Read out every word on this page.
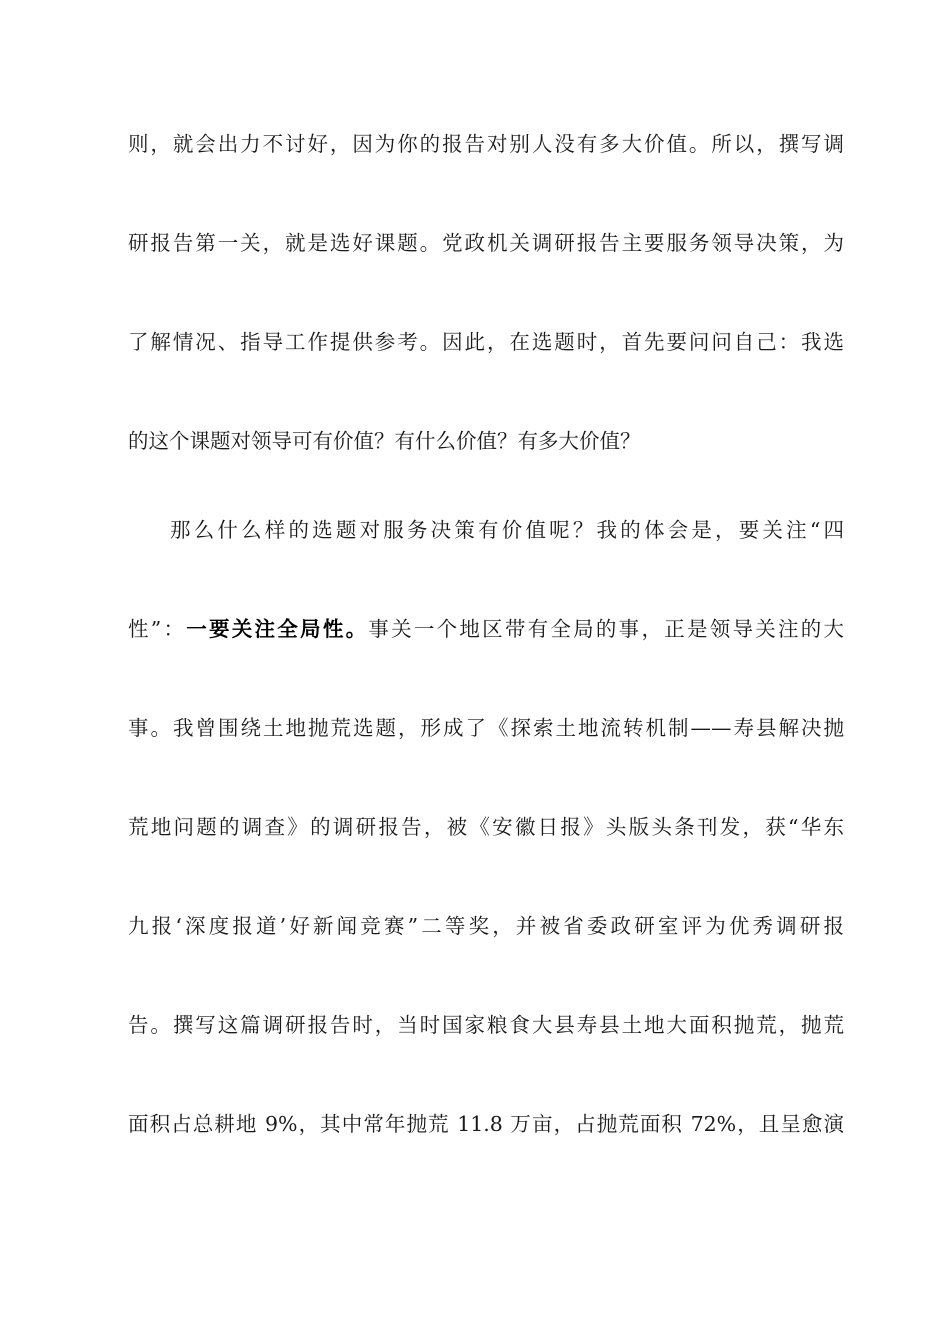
则，就会出力不讨好，因为你的报告对别人没有多大价值。所以，撰写调
研报告第一关，就是选好课题。党政机关调研报告主要服务领导决策，为
了解情况、指导工作提供参考。因此，在选题时，首先要问问自己：我选
的这个课题对领导可有价值？有什么价值？有多大价值？
那么什么样的选题对服务决策有价值呢？我的体会是，要关注“四
性”：一要关注全局性。事关一个地区带有全局的事，正是领导关注的大
事。我曾围绕土地抛荒选题，形成了《探索土地流转机制——寿县解决抛
荒地问题的调查》的调研报告，被《安徽日报》头版头条刊发，获“华东
九报‘深度报道’好新闻竞赛”二等奖，并被省委政研室评为优秀调研报
告。撰写这篇调研报告时，当时国家粮食大县寿县土地大面积抛荒，抛荒
面积占总耕地 9%，其中常年抛荒 11.8 万亩，占抛荒面积 72%，且呈愈演
